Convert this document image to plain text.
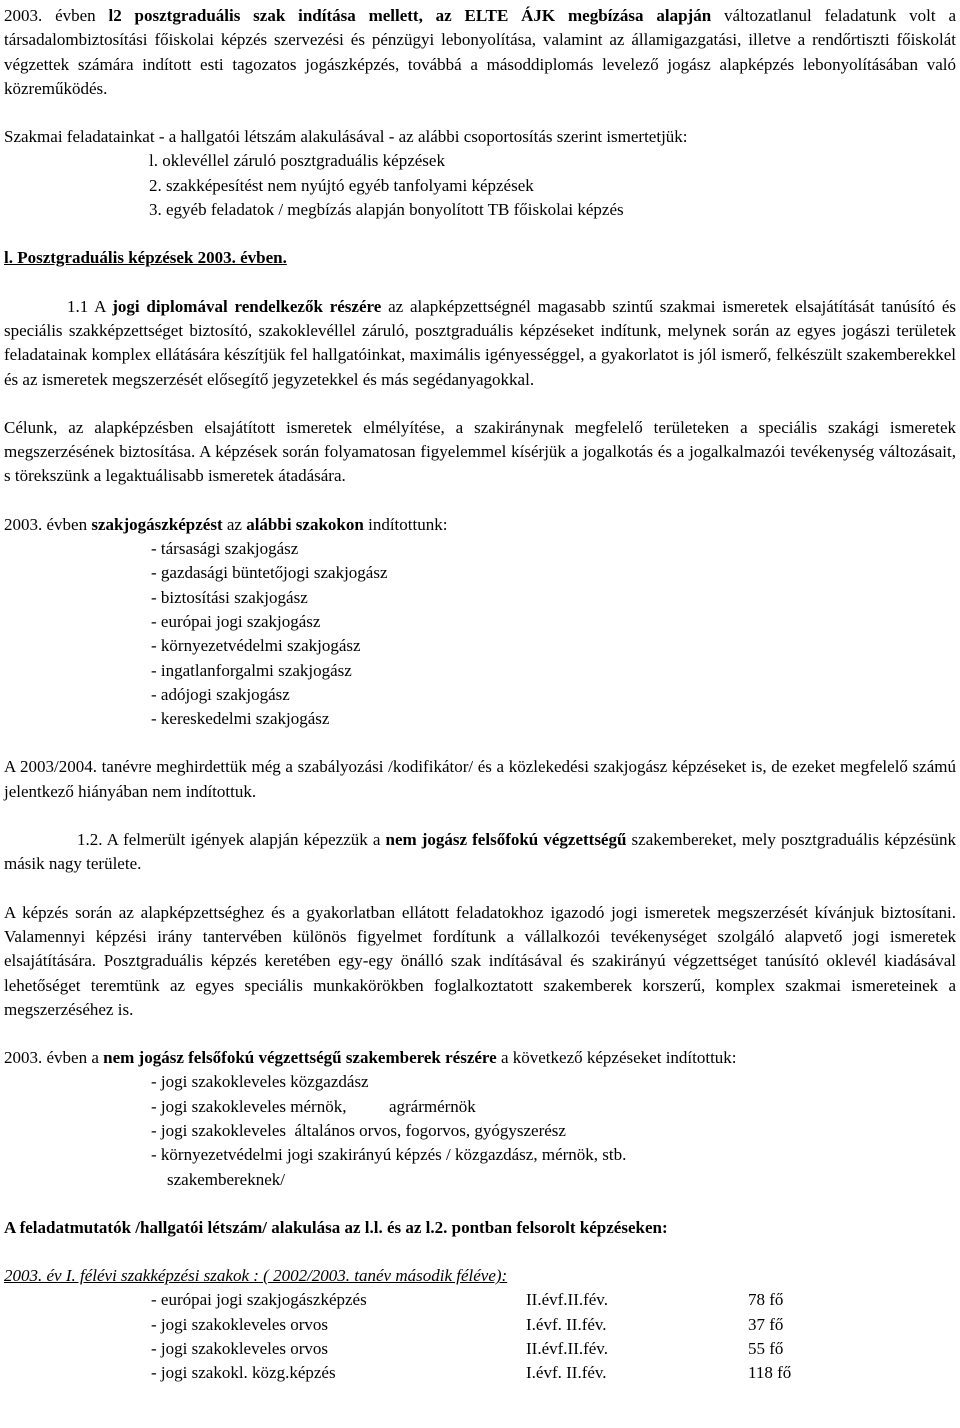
2003. évben l2 posztgraduális szak indítása mellett, az ELTE ÁJK megbízása alapján változatlanul feladatunk volt a társadalombiztosítási főiskolai képzés szervezési és pénzügyi lebonyolítása, valamint az államigazgatási, illetve a rendőrtiszti főiskolát végzettek számára indított esti tagozatos jogászképzés, továbbá a másoddiplomás levelező jogász alapképzés lebonyolításában való közreműködés.

Szakmai feladatainkat - a hallgatói létszám alakulásával - az alábbi csoportosítás szerint ismertetjük:

l. oklevéllel záruló posztgraduális képzések
2. szakképesítést nem nyújtó egyéb tanfolyami képzések
3. egyéb feladatok / megbízás alapján bonyolított TB főiskolai képzés

l. Posztgraduális képzések 2003. évben.

1.1 A jogi diplomával rendelkezők részére az alapképzettségnél magasabb szintű szakmai ismeretek elsajátítását tanúsító és speciális szakképzettséget biztosító, szakoklevéllel záruló, posztgraduális képzéseket indítunk, melynek során az egyes jogászi területek feladatainak komplex ellátására készítjük fel hallgatóinkat, maximális igényességgel, a gyakorlatot is jól ismerő, felkészült szakemberekkel és az ismeretek megszerzését elősegítő jegyzetekkel és más segédanyagokkal.

Célunk, az alapképzésben elsajátított ismeretek elmélyítése, a szakiránynak megfelelő területeken a speciális szakági ismeretek megszerzésének biztosítása. A képzések során folyamatosan figyelemmel kísérjük a jogalkotás és a jogalkalmazói tevékenység változásait, s törekszünk a legaktuálisabb ismeretek átadására.

2003. évben szakjogászképzést az alábbi szakokon indítottunk:

- társasági szakjogász
- gazdasági büntetőjogi szakjogász
- biztosítási szakjogász
- európai jogi szakjogász
- környezetvédelmi szakjogász
- ingatlanforgalmi szakjogász
- adójogi szakjogász
- kereskedelmi szakjogász

A 2003/2004. tanévre meghirdettük még a szabályozási /kodifikátor/ és a közlekedési szakjogász képzéseket is, de ezeket megfelelő számú jelentkező hiányában nem indítottuk.

1.2. A felmerült igények alapján képezzük a nem jogász felsőfokú végzettségű szakembereket, mely posztgraduális képzésünk másik nagy területe.

A képzés során az alapképzettséghez és a gyakorlatban ellátott feladatokhoz igazodó jogi ismeretek megszerzését kívánjuk biztosítani. Valamennyi képzési irány tantervében különös figyelmet fordítunk a vállalkozói tevékenységet szolgáló alapvető jogi ismeretek elsajátítására. Posztgraduális képzés keretében egy-egy önálló szak indításával és szakirányú végzettséget tanúsító oklevél kiadásával lehetőséget teremtünk az egyes speciális munkakörökben foglalkoztatott szakemberek korszerű, komplex szakmai ismereteinek a megszerzéséhez is.

2003. évben a nem jogász felsőfokú végzettségű szakemberek részére a következő képzéseket indítottuk:

- jogi szakokleveles közgazdász
- jogi szakokleveles mérnök,          agrármérnök
- jogi szakokleveles  általános orvos, fogorvos, gyógyszerész
- környezetvédelmi jogi szakirányú képzés / közgazdász, mérnök, stb.
szakembereknek/

A feladatmutatók /hallgatói létszám/ alakulása az l.l. és az l.2. pontban felsorolt képzéseken:

2003. év I. félévi szakképzési szakok : ( 2002/2003. tanév második féléve):

- európai jogi szakjogászképzés	II.évf.II.fév.	78 fő
- jogi szakokleveles orvos	I.évf. II.fév.	37 fő
- jogi szakokleveles orvos	II.évf.II.fév.	55 fő
- jogi szakokl. közg.képzés	I.évf. II.fév.	118 fő
